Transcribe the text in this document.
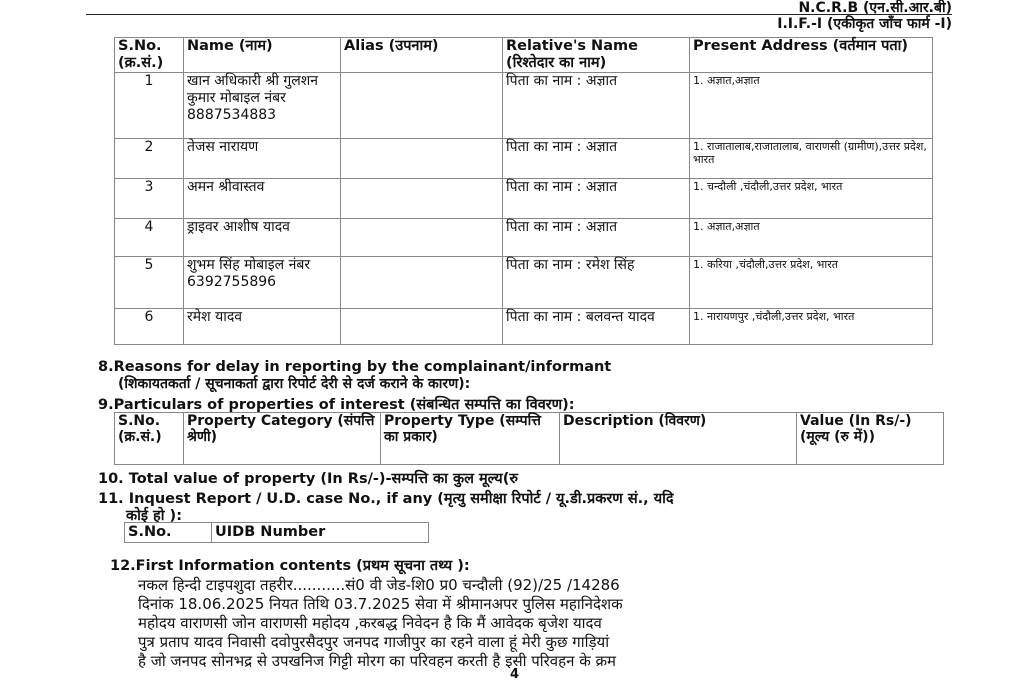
N.C.R.B (एन.सी.आर.बी)
I.I.F.-I (एकीकृत जाँच फार्म -I)
S.No. (क्र.सं.)	Name (नाम)	Alias (उपनाम)	Relative's Name (रिश्तेदार का नाम)	Present Address (वर्तमान पता)
1	खान अधिकारी श्री गुलशन कुमार मोबाइल नंबर 8887534883		पिता का नाम : अज्ञात	1. अज्ञात,अज्ञात
2	तेजस नारायण		पिता का नाम : अज्ञात	1. राजातालाब,राजातालाब, वाराणसी (ग्रामीण),उत्तर प्रदेश, भारत
3	अमन श्रीवास्तव		पिता का नाम : अज्ञात	1. चन्दौली ,चंदौली,उत्तर प्रदेश, भारत
4	ड्राइवर आशीष यादव		पिता का नाम : अज्ञात	1. अज्ञात,अज्ञात
5	शुभम सिंह मोबाइल नंबर 6392755896		पिता का नाम : रमेश सिंह	1. करिया ,चंदौली,उत्तर प्रदेश, भारत
6	रमेश यादव		पिता का नाम : बलवन्त यादव	1. नारायणपुर ,चंदौली,उत्तर प्रदेश, भारत
8.Reasons for delay in reporting by the complainant/informant
(शिकायतकर्ता / सूचनाकर्ता द्वारा रिपोर्ट देरी से दर्ज कराने के कारण):
9.Particulars of properties of interest (संबन्धित सम्पत्ति का विवरण):
S.No. (क्र.सं.)	Property Category (संपत्ति श्रेणी)	Property Type (सम्पत्ति का प्रकार)	Description (विवरण)	Value (In Rs/-) (मूल्य (रु में))
10. Total value of property (In Rs/-)-सम्पत्ति का कुल मूल्य(रु
11. Inquest Report / U.D. case No., if any (मृत्यु समीक्षा रिपोर्ट / यू.डी.प्रकरण सं., यदि
कोई हो ):
S.No.	UIDB Number
12.First Information contents (प्रथम सूचना तथ्य ):
नकल हिन्दी टाइपशुदा तहरीर...........सं0 वी जेड-शि0 प्र0 चन्दौली (92)/25 /14286
दिनांक 18.06.2025 नियत तिथि 03.7.2025 सेवा में श्रीमानअपर पुलिस महानिदेशक
महोदय वाराणसी जोन वाराणसी महोदय ,करबद्ध निवेदन है कि मैं आवेदक बृजेश यादव
पुत्र प्रताप यादव निवासी दवोपुरसैदपुर जनपद गाजीपुर का रहने वाला हूं मेरी कुछ गाड़ियां
है जो जनपद सोनभद्र से उपखनिज गिट्टी मोरग का परिवहन करती है इसी परिवहन के क्रम
4
